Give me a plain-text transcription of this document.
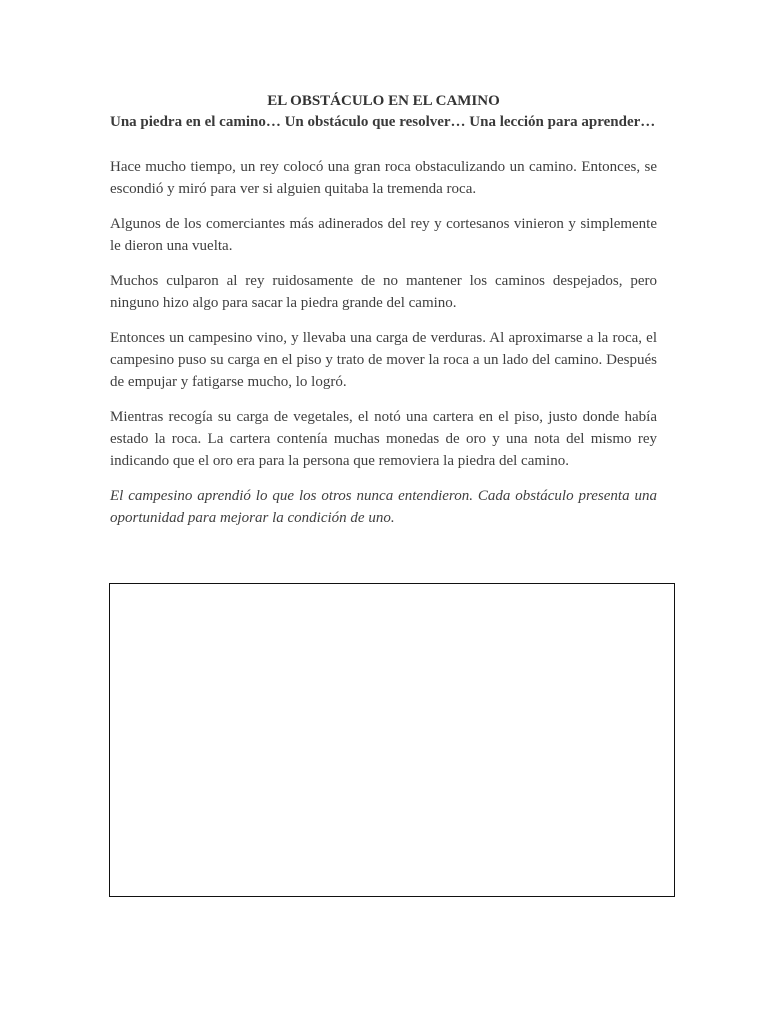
EL OBSTÁCULO EN EL CAMINO

Una piedra en el camino… Un obstáculo que resolver… Una lección para aprender…

Hace mucho tiempo, un rey colocó una gran roca obstaculizando un camino. Entonces, se escondió y miró para ver si alguien quitaba la tremenda roca.

Algunos de los comerciantes más adinerados del rey y cortesanos vinieron y simplemente le dieron una vuelta.

Muchos culparon al rey ruidosamente de no mantener los caminos despejados, pero ninguno hizo algo para sacar la piedra grande del camino.

Entonces un campesino vino, y llevaba una carga de verduras. Al aproximarse a la roca, el campesino puso su carga en el piso y trato de mover la roca a un lado del camino. Después de empujar y fatigarse mucho, lo logró.

Mientras recogía su carga de vegetales, el notó una cartera en el piso, justo donde había estado la roca. La cartera contenía muchas monedas de oro y una nota del mismo rey indicando que el oro era para la persona que removiera la piedra del camino.

El campesino aprendió lo que los otros nunca entendieron. Cada obstáculo presenta una oportunidad para mejorar la condición de uno.
